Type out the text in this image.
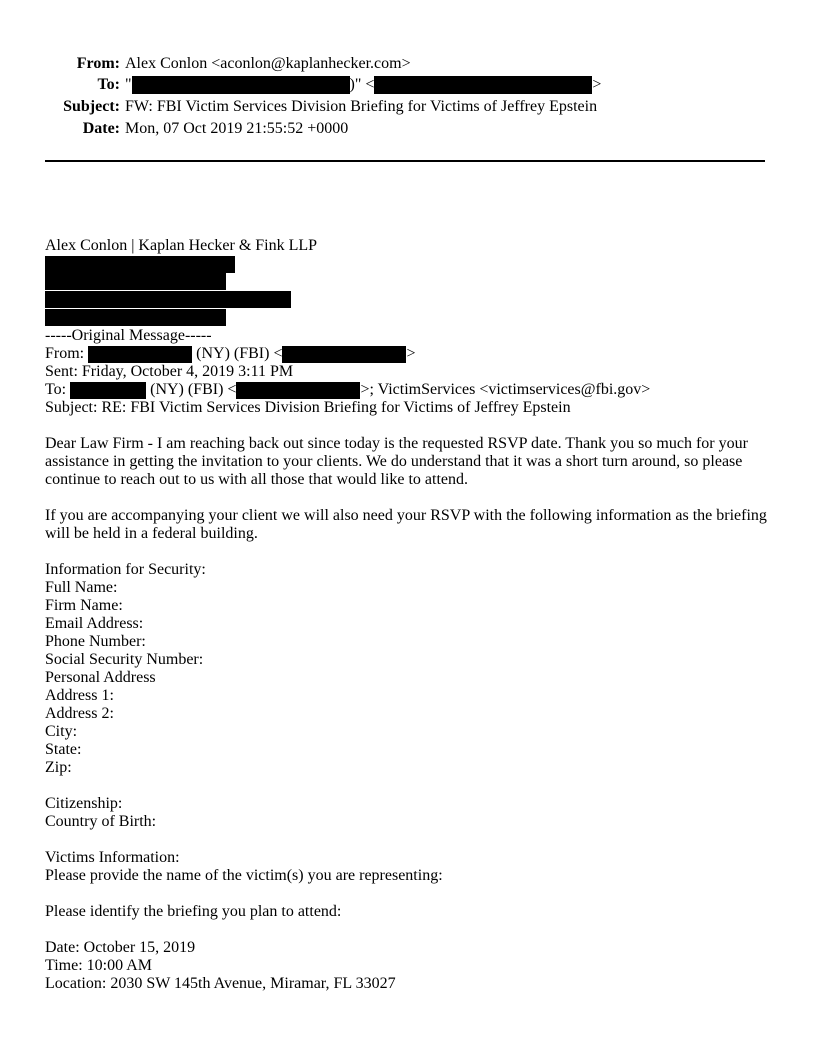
From: Alex Conlon <aconlon@kaplanhecker.com>
To: "	)" <	>
Subject: FW: FBI Victim Services Division Briefing for Victims of Jeffrey Epstein
Date: Mon, 07 Oct 2019 21:55:52 +0000
Alex Conlon | Kaplan Hecker & Fink LLP
-----Original Message-----
From:	(NY) (FBI) <	>
Sent: Friday, October 4, 2019 3:11 PM
To:	(NY) (FBI) <	>; VictimServices <victimservices@fbi.gov>
Subject: RE: FBI Victim Services Division Briefing for Victims of Jeffrey Epstein
Dear Law Firm - I am reaching back out since today is the requested RSVP date. Thank you so much for your
assistance in getting the invitation to your clients. We do understand that it was a short turn around, so please
continue to reach out to us with all those that would like to attend.
If you are accompanying your client we will also need your RSVP with the following information as the briefing
will be held in a federal building.
Information for Security:
Full Name:
Firm Name:
Email Address:
Phone Number:
Social Security Number:
Personal Address
Address 1:
Address 2:
City:
State:
Zip:
Citizenship:
Country of Birth:
Victims Information:
Please provide the name of the victim(s) you are representing:
Please identify the briefing you plan to attend:
Date: October 15, 2019
Time: 10:00 AM
Location: 2030 SW 145th Avenue, Miramar, FL 33027
